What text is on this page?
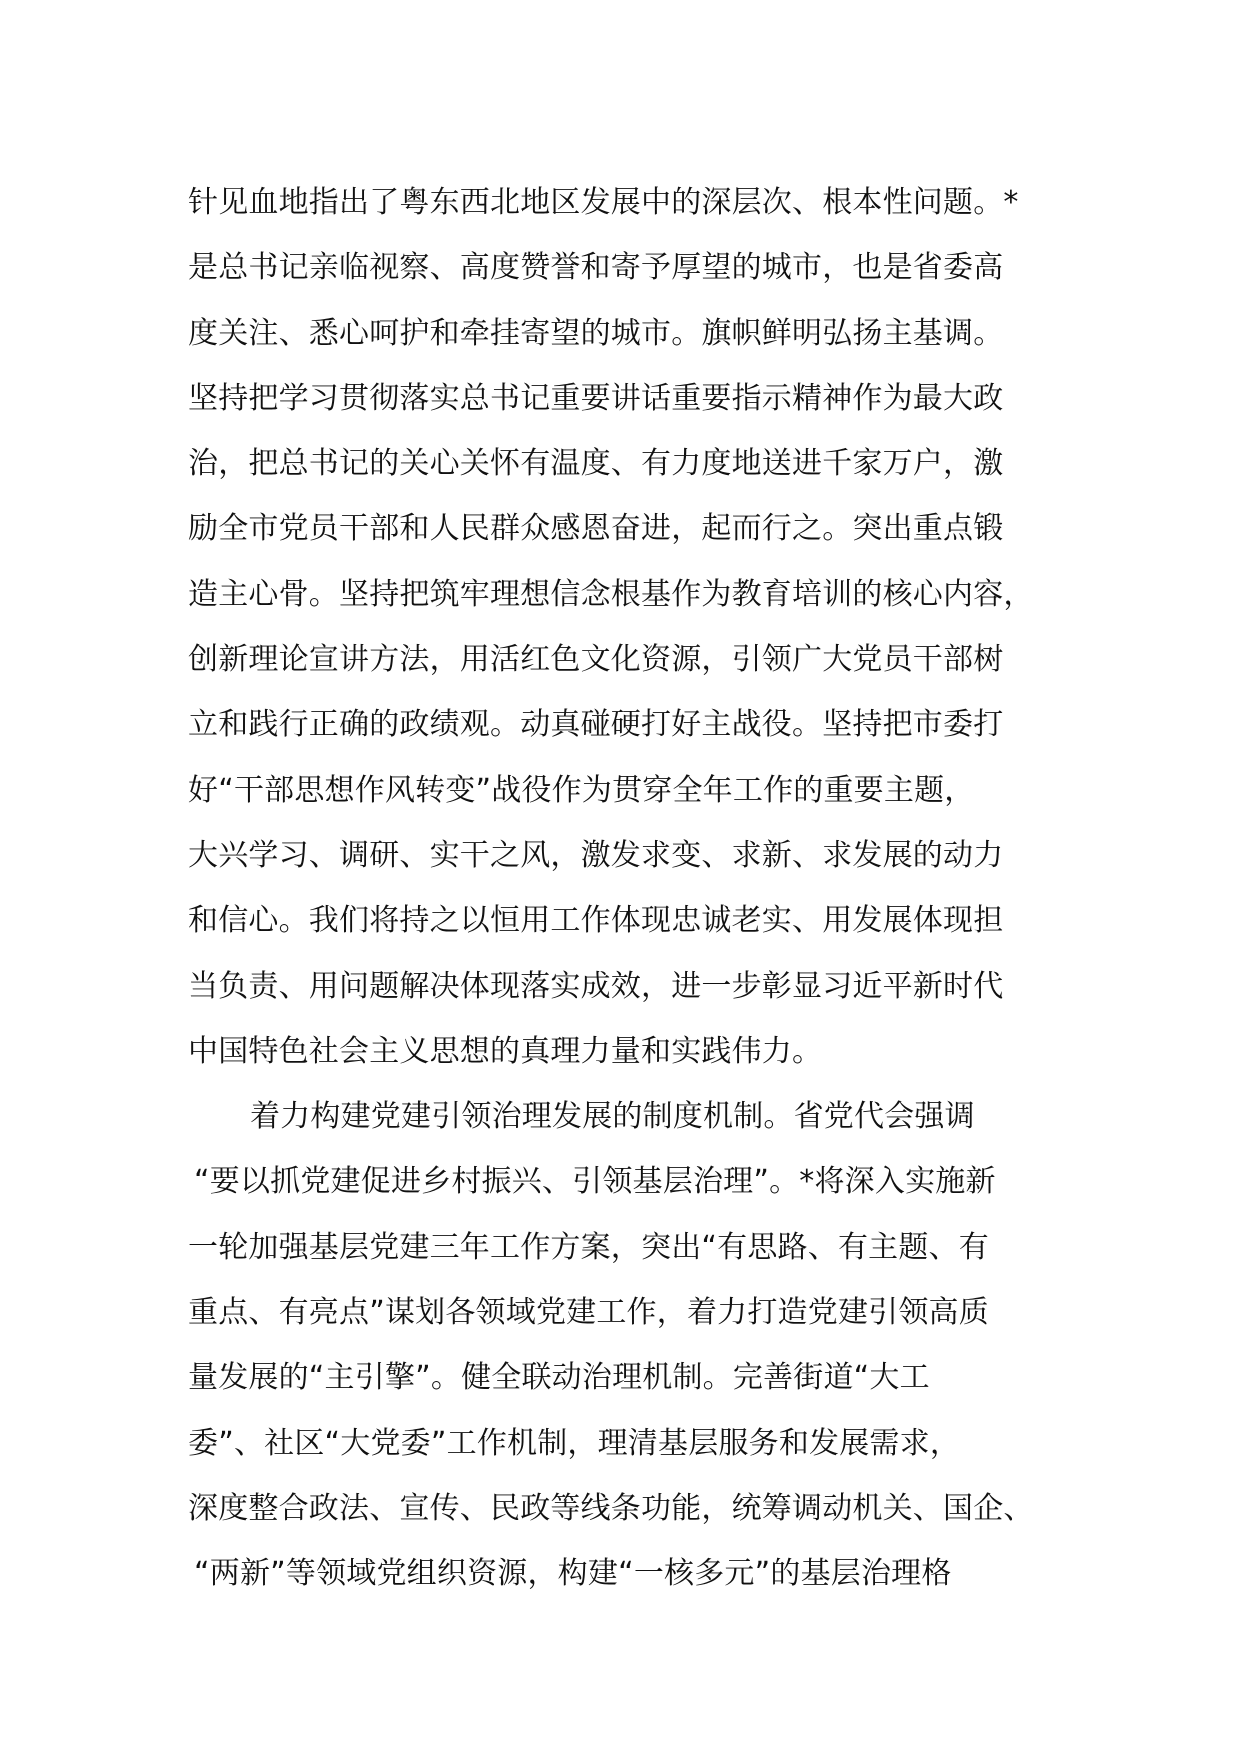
针见血地指出了粤东西北地区发展中的深层次、根本性问题。*
是总书记亲临视察、高度赞誉和寄予厚望的城市，也是省委高
度关注、悉心呵护和牵挂寄望的城市。旗帜鲜明弘扬主基调。
坚持把学习贯彻落实总书记重要讲话重要指示精神作为最大政
治，把总书记的关心关怀有温度、有力度地送进千家万户，激
励全市党员干部和人民群众感恩奋进，起而行之。突出重点锻
造主心骨。坚持把筑牢理想信念根基作为教育培训的核心内容，
创新理论宣讲方法，用活红色文化资源，引领广大党员干部树
立和践行正确的政绩观。动真碰硬打好主战役。坚持把市委打
好“干部思想作风转变”战役作为贯穿全年工作的重要主题，
大兴学习、调研、实干之风，激发求变、求新、求发展的动力
和信心。我们将持之以恒用工作体现忠诚老实、用发展体现担
当负责、用问题解决体现落实成效，进一步彰显习近平新时代
中国特色社会主义思想的真理力量和实践伟力。
着力构建党建引领治理发展的制度机制。省党代会强调
“要以抓党建促进乡村振兴、引领基层治理”。*将深入实施新
一轮加强基层党建三年工作方案，突出“有思路、有主题、有
重点、有亮点”谋划各领域党建工作，着力打造党建引领高质
量发展的“主引擎”。健全联动治理机制。完善街道“大工
委”、社区“大党委”工作机制，理清基层服务和发展需求，
深度整合政法、宣传、民政等线条功能，统筹调动机关、国企、
“两新”等领域党组织资源，构建“一核多元”的基层治理格
